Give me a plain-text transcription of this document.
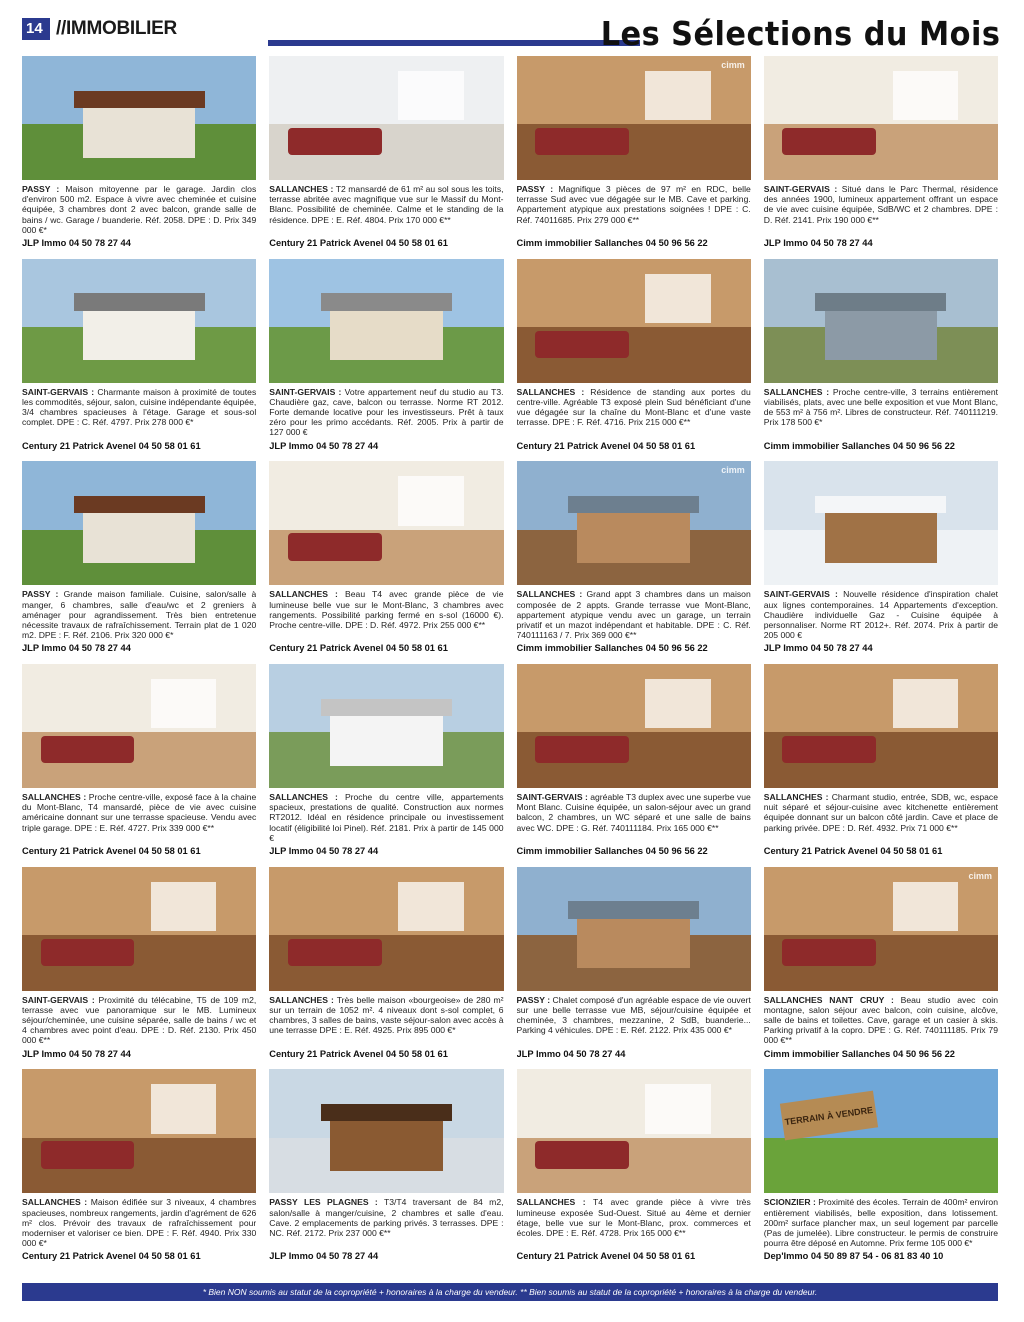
14 //IMMOBILIER	Les Sélections du Mois
PASSY : Maison mitoyenne par le garage. Jardin clos d'environ 500 m2. Espace à vivre avec cheminée et cuisine équipée, 3 chambres dont 2 avec balcon, grande salle de bains / wc. Garage / buanderie. Réf. 2058. DPE : D. Prix 349 000 €*
JLP Immo 04 50 78 27 44
SALLANCHES : T2 mansardé de 61 m² au sol sous les toits, terrasse abritée avec magnifique vue sur le Massif du Mont-Blanc. Possibilité de cheminée. Calme et le standing de la résidence. DPE : E. Réf. 4804. Prix 170 000 €**
Century 21 Patrick Avenel 04 50 58 01 61
cimm
PASSY : Magnifique 3 pièces de 97 m² en RDC, belle terrasse Sud avec vue dégagée sur le MB. Cave et parking. Appartement atypique aux prestations soignées ! DPE : C. Réf. 74011685. Prix 279 000 €**
Cimm immobilier Sallanches 04 50 96 56 22
SAINT-GERVAIS : Situé dans le Parc Thermal, résidence des années 1900, lumineux appartement offrant un espace de vie avec cuisine équipée, SdB/WC et 2 chambres. DPE : D. Réf. 2141. Prix 190 000 €**
JLP Immo 04 50 78 27 44
SAINT-GERVAIS : Charmante maison à proximité de toutes les commodités, séjour, salon, cuisine indépendante équipée, 3/4 chambres spacieuses à l'étage. Garage et sous-sol complet. DPE : C. Réf. 4797. Prix 278 000 €*
Century 21 Patrick Avenel 04 50 58 01 61
SAINT-GERVAIS : Votre appartement neuf du studio au T3. Chaudière gaz, cave, balcon ou terrasse. Norme RT 2012. Forte demande locative pour les investisseurs. Prêt à taux zéro pour les primo accédants. Réf. 2005. Prix à partir de 127 000 €
JLP Immo 04 50 78 27 44
SALLANCHES : Résidence de standing aux portes du centre-ville. Agréable T3 exposé plein Sud bénéficiant d'une vue dégagée sur la chaîne du Mont-Blanc et d'une vaste terrasse. DPE : F. Réf. 4716. Prix 215 000 €**
Century 21 Patrick Avenel 04 50 58 01 61
SALLANCHES : Proche centre-ville, 3 terrains entièrement viabilisés, plats, avec une belle exposition et vue Mont Blanc, de 553 m² à 756 m². Libres de constructeur. Réf. 740111219. Prix 178 500 €*
Cimm immobilier Sallanches 04 50 96 56 22
PASSY : Grande maison familiale. Cuisine, salon/salle à manger, 6 chambres, salle d'eau/wc et 2 greniers à aménager pour agrandissement. Très bien entretenue nécessite travaux de rafraîchissement. Terrain plat de 1 020 m2. DPE : F. Réf. 2106. Prix 320 000 €*
JLP Immo 04 50 78 27 44
SALLANCHES : Beau T4 avec grande pièce de vie lumineuse belle vue sur le Mont-Blanc, 3 chambres avec rangements. Possibilité parking fermé en s-sol (16000 €). Proche centre-ville. DPE : D. Réf. 4972. Prix 255 000 €**
Century 21 Patrick Avenel 04 50 58 01 61
cimm
SALLANCHES : Grand appt 3 chambres dans un maison composée de 2 appts. Grande terrasse vue Mont-Blanc, appartement atypique vendu avec un garage, un terrain privatif et un mazot indépendant et habitable. DPE : C. Réf. 740111163 / 7. Prix 369 000 €**
Cimm immobilier Sallanches 04 50 96 56 22
SAINT-GERVAIS : Nouvelle résidence d'inspiration chalet aux lignes contemporaines. 14 Appartements d'exception. Chaudière individuelle Gaz - Cuisine équipée à personnaliser. Norme RT 2012+. Réf. 2074. Prix à partir de 205 000 €
JLP Immo 04 50 78 27 44
SALLANCHES : Proche centre-ville, exposé face à la chaine du Mont-Blanc, T4 mansardé, pièce de vie avec cuisine américaine donnant sur une terrasse spacieuse. Vendu avec triple garage. DPE : E. Réf. 4727. Prix 339 000 €**
Century 21 Patrick Avenel 04 50 58 01 61
SALLANCHES : Proche du centre ville, appartements spacieux, prestations de qualité. Construction aux normes RT2012. Idéal en résidence principale ou investissement locatif (éligibilité loi Pinel). Réf. 2181. Prix à partir de 145 000 €
JLP Immo 04 50 78 27 44
SAINT-GERVAIS : agréable T3 duplex avec une superbe vue Mont Blanc. Cuisine équipée, un salon-séjour avec un grand balcon, 2 chambres, un WC séparé et une salle de bains avec WC. DPE : G. Réf. 740111184. Prix 165 000 €**
Cimm immobilier Sallanches 04 50 96 56 22
SALLANCHES : Charmant studio, entrée, SDB, wc, espace nuit séparé et séjour-cuisine avec kitchenette entièrement équipée donnant sur un balcon côté jardin. Cave et place de parking privée. DPE : D. Réf. 4932. Prix 71 000 €**
Century 21 Patrick Avenel 04 50 58 01 61
SAINT-GERVAIS : Proximité du télécabine, T5 de 109 m2, terrasse avec vue panoramique sur le MB. Lumineux séjour/cheminée, une cuisine séparée, salle de bains / wc et 4 chambres avec point d'eau. DPE : D. Réf. 2130. Prix 450 000 €**
JLP Immo 04 50 78 27 44
SALLANCHES : Très belle maison «bourgeoise» de 280 m² sur un terrain de 1052 m². 4 niveaux dont s-sol complet, 6 chambres, 3 salles de bains, vaste séjour-salon avec accès à une terrasse DPE : E. Réf. 4925. Prix 895 000 €*
Century 21 Patrick Avenel 04 50 58 01 61
PASSY : Chalet composé d'un agréable espace de vie ouvert sur une belle terrasse vue MB, séjour/cuisine équipée et cheminée, 3 chambres, mezzanine, 2 SdB, buanderie... Parking 4 véhicules. DPE : E. Réf. 2122. Prix 435 000 €*
JLP Immo 04 50 78 27 44
cimm
SALLANCHES NANT CRUY : Beau studio avec coin montagne, salon séjour avec balcon, coin cuisine, alcôve, salle de bains et toilettes. Cave, garage et un casier à skis. Parking privatif à la copro. DPE : G. Réf. 740111185. Prix 79 000 €**
Cimm immobilier Sallanches 04 50 96 56 22
SALLANCHES : Maison édifiée sur 3 niveaux, 4 chambres spacieuses, nombreux rangements, jardin d'agrément de 626 m² clos. Prévoir des travaux de rafraîchissement pour moderniser et valoriser ce bien. DPE : F. Réf. 4940. Prix 330 000 €*
Century 21 Patrick Avenel 04 50 58 01 61
PASSY LES PLAGNES : T3/T4 traversant de 84 m2, salon/salle à manger/cuisine, 2 chambres et salle d'eau. Cave. 2 emplacements de parking privés. 3 terrasses. DPE : NC. Réf. 2172. Prix 237 000 €**
JLP Immo 04 50 78 27 44
SALLANCHES : T4 avec grande pièce à vivre très lumineuse exposée Sud-Ouest. Situé au 4ème et dernier étage, belle vue sur le Mont-Blanc, prox. commerces et écoles. DPE : E. Réf. 4728. Prix 165 000 €**
Century 21 Patrick Avenel 04 50 58 01 61
TERRAIN À VENDRE
SCIONZIER : Proximité des écoles. Terrain de 400m² environ entièrement viabilisés, belle exposition, dans lotissement. 200m² surface plancher max, un seul logement par parcelle (Pas de jumelée). Libre constructeur. le permis de construire pourra être déposé en Automne. Prix ferme 105 000 €*
Dep'Immo 04 50 89 87 54 - 06 81 83 40 10
* Bien NON soumis au statut de la copropriété + honoraires à la charge du vendeur. ** Bien soumis au statut de la copropriété + honoraires à la charge du vendeur.
